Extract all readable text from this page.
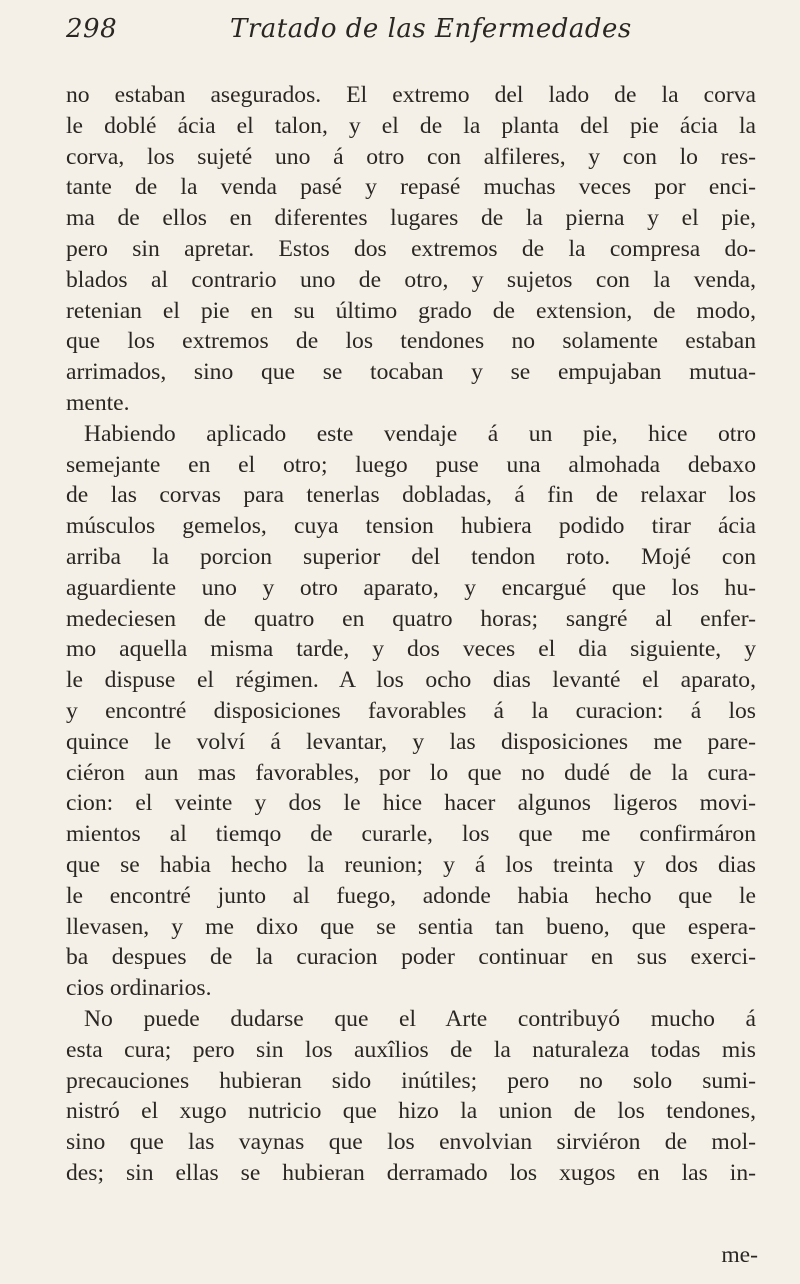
298	Tratado de las Enfermedades
no estaban asegurados. El extremo del lado de la corva
le doblé ácia el talon, y el de la planta del pie ácia la
corva, los sujeté uno á otro con alfileres, y con lo res-
tante de la venda pasé y repasé muchas veces por enci-
ma de ellos en diferentes lugares de la pierna y el pie,
pero sin apretar. Estos dos extremos de la compresa do-
blados al contrario uno de otro, y sujetos con la venda,
retenian el pie en su último grado de extension, de modo,
que los extremos de los tendones no solamente estaban
arrimados, sino que se tocaban y se empujaban mutua-
mente.
Habiendo aplicado este vendaje á un pie, hice otro
semejante en el otro; luego puse una almohada debaxo
de las corvas para tenerlas dobladas, á fin de relaxar los
músculos gemelos, cuya tension hubiera podido tirar ácia
arriba la porcion superior del tendon roto. Mojé con
aguardiente uno y otro aparato, y encargué que los hu-
medeciesen de quatro en quatro horas; sangré al enfer-
mo aquella misma tarde, y dos veces el dia siguiente, y
le dispuse el régimen. A los ocho dias levanté el aparato,
y encontré disposiciones favorables á la curacion: á los
quince le volví á levantar, y las disposiciones me pare-
ciéron aun mas favorables, por lo que no dudé de la cura-
cion: el veinte y dos le hice hacer algunos ligeros movi-
mientos al tiemqo de curarle, los que me confirmáron
que se habia hecho la reunion; y á los treinta y dos dias
le encontré junto al fuego, adonde habia hecho que le
llevasen, y me dixo que se sentia tan bueno, que espera-
ba despues de la curacion poder continuar en sus exerci-
cios ordinarios.
No puede dudarse que el Arte contribuyó mucho á
esta cura; pero sin los auxîlios de la naturaleza todas mis
precauciones hubieran sido inútiles; pero no solo sumi-
nistró el xugo nutricio que hizo la union de los tendones,
sino que las vaynas que los envolvian sirviéron de mol-
des; sin ellas se hubieran derramado los xugos en las in-
me-
